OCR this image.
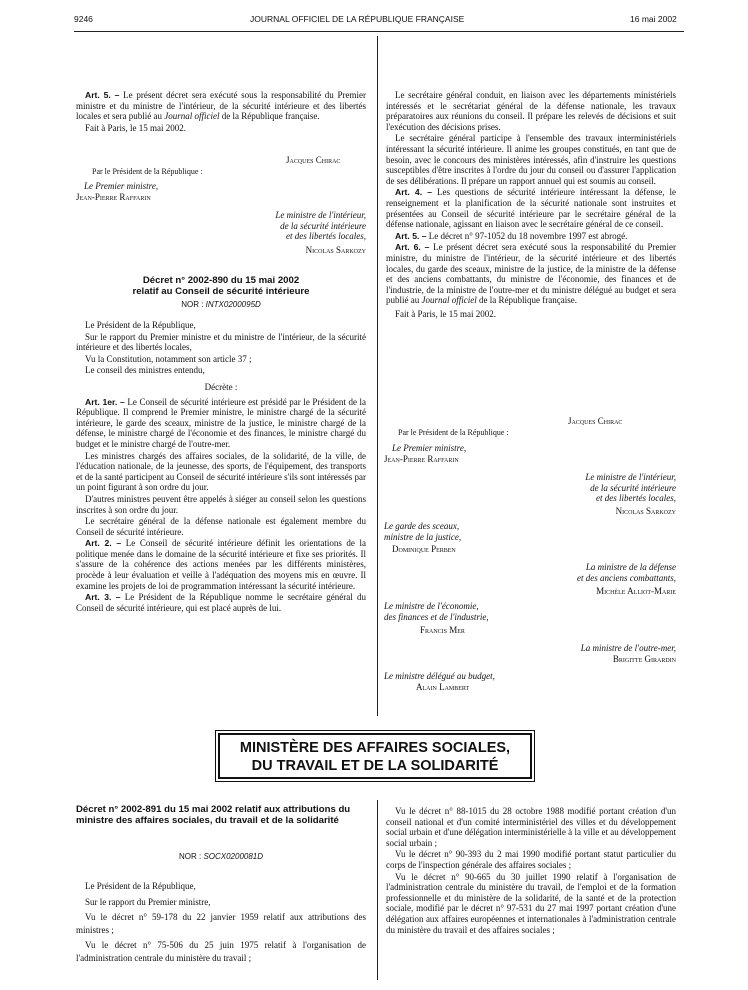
9246	JOURNAL OFFICIEL DE LA RÉPUBLIQUE FRANÇAISE	16 mai 2002

Art. 5. – Le présent décret sera exécuté sous la responsabilité du Premier ministre et du ministre de l'intérieur, de la sécurité intérieure et des libertés locales et sera publié au Journal officiel de la République française.

Fait à Paris, le 15 mai 2002.

Jacques Chirac
Par le Président de la République :
Le Premier ministre,
Jean-Pierre Raffarin
Le ministre de l'intérieur,
de la sécurité intérieure
et des libertés locales,
Nicolas Sarkozy
Décret n° 2002-890 du 15 mai 2002
relatif au Conseil de sécurité intérieure
NOR : INTX0200095D

Le Président de la République,

Sur le rapport du Premier ministre et du ministre de l'intérieur, de la sécurité intérieure et des libertés locales,

Vu la Constitution, notamment son article 37 ;

Le conseil des ministres entendu,

Décrète :

Art. 1er. – Le Conseil de sécurité intérieure est présidé par le Président de la République. Il comprend le Premier ministre, le ministre chargé de la sécurité intérieure, le garde des sceaux, ministre de la justice, le ministre chargé de la défense, le ministre chargé de l'économie et des finances, le ministre chargé du budget et le ministre chargé de l'outre-mer.

Les ministres chargés des affaires sociales, de la solidarité, de la ville, de l'éducation nationale, de la jeunesse, des sports, de l'équipement, des transports et de la santé participent au Conseil de sécurité intérieure s'ils sont intéressés par un point figurant à son ordre du jour.

D'autres ministres peuvent être appelés à siéger au conseil selon les questions inscrites à son ordre du jour.

Le secrétaire général de la défense nationale est également membre du Conseil de sécurité intérieure.

Art. 2. – Le Conseil de sécurité intérieure définit les orientations de la politique menée dans le domaine de la sécurité intérieure et fixe ses priorités. Il s'assure de la cohérence des actions menées par les différents ministères, procède à leur évaluation et veille à l'adéquation des moyens mis en œuvre. Il examine les projets de loi de programmation intéressant la sécurité intérieure.

Art. 3. – Le Président de la République nomme le secrétaire général du Conseil de sécurité intérieure, qui est placé auprès de lui.

Le secrétaire général conduit, en liaison avec les départements ministériels intéressés et le secrétariat général de la défense nationale, les travaux préparatoires aux réunions du conseil. Il prépare les relevés de décisions et suit l'exécution des décisions prises.

Le secrétaire général participe à l'ensemble des travaux interministériels intéressant la sécurité intérieure. Il anime les groupes constitués, en tant que de besoin, avec le concours des ministères intéressés, afin d'instruire les questions susceptibles d'être inscrites à l'ordre du jour du conseil ou d'assurer l'application de ses délibérations. Il prépare un rapport annuel qui est soumis au conseil.

Art. 4. – Les questions de sécurité intérieure intéressant la défense, le renseignement et la planification de la sécurité nationale sont instruites et présentées au Conseil de sécurité intérieure par le secrétaire général de la défense nationale, agissant en liaison avec le secrétaire général de ce conseil.

Art. 5. – Le décret n° 97-1052 du 18 novembre 1997 est abrogé.

Art. 6. – Le présent décret sera exécuté sous la responsabilité du Premier ministre, du ministre de l'intérieur, de la sécurité intérieure et des libertés locales, du garde des sceaux, ministre de la justice, de la ministre de la défense et des anciens combattants, du ministre de l'économie, des finances et de l'industrie, de la ministre de l'outre-mer et du ministre délégué au budget et sera publié au Journal officiel de la République française.

Fait à Paris, le 15 mai 2002.

Jacques Chirac
Par le Président de la République :
Le Premier ministre,
Jean-Pierre Raffarin
Le ministre de l'intérieur,
de la sécurité intérieure
et des libertés locales,
Nicolas Sarkozy
Le garde des sceaux,
ministre de la justice,
Dominique Perben
La ministre de la défense
et des anciens combattants,
Michèle Alliot-Marie
Le ministre de l'économie,
des finances et de l'industrie,
Francis Mer
La ministre de l'outre-mer,
Brigitte Girardin
Le ministre délégué au budget,
Alain Lambert
MINISTÈRE DES AFFAIRES SOCIALES,
DU TRAVAIL ET DE LA SOLIDARITÉ
Décret n° 2002-891 du 15 mai 2002 relatif aux attributions du ministre des affaires sociales, du travail et de la solidarité
NOR : SOCX0200081D

Le Président de la République,

Sur le rapport du Premier ministre,

Vu le décret n° 59-178 du 22 janvier 1959 relatif aux attributions des ministres ;

Vu le décret n° 75-506 du 25 juin 1975 relatif à l'organisation de l'administration centrale du ministère du travail ;

Vu le décret n° 88-1015 du 28 octobre 1988 modifié portant création d'un conseil national et d'un comité interministériel des villes et du développement social urbain et d'une délégation interministérielle à la ville et au développement social urbain ;

Vu le décret n° 90-393 du 2 mai 1990 modifié portant statut particulier du corps de l'inspection générale des affaires sociales ;

Vu le décret n° 90-665 du 30 juillet 1990 relatif à l'organisation de l'administration centrale du ministère du travail, de l'emploi et de la formation professionnelle et du ministère de la solidarité, de la santé et de la protection sociale, modifié par le décret n° 97-531 du 27 mai 1997 portant création d'une délégation aux affaires européennes et internationales à l'administration centrale du ministère du travail et des affaires sociales ;
